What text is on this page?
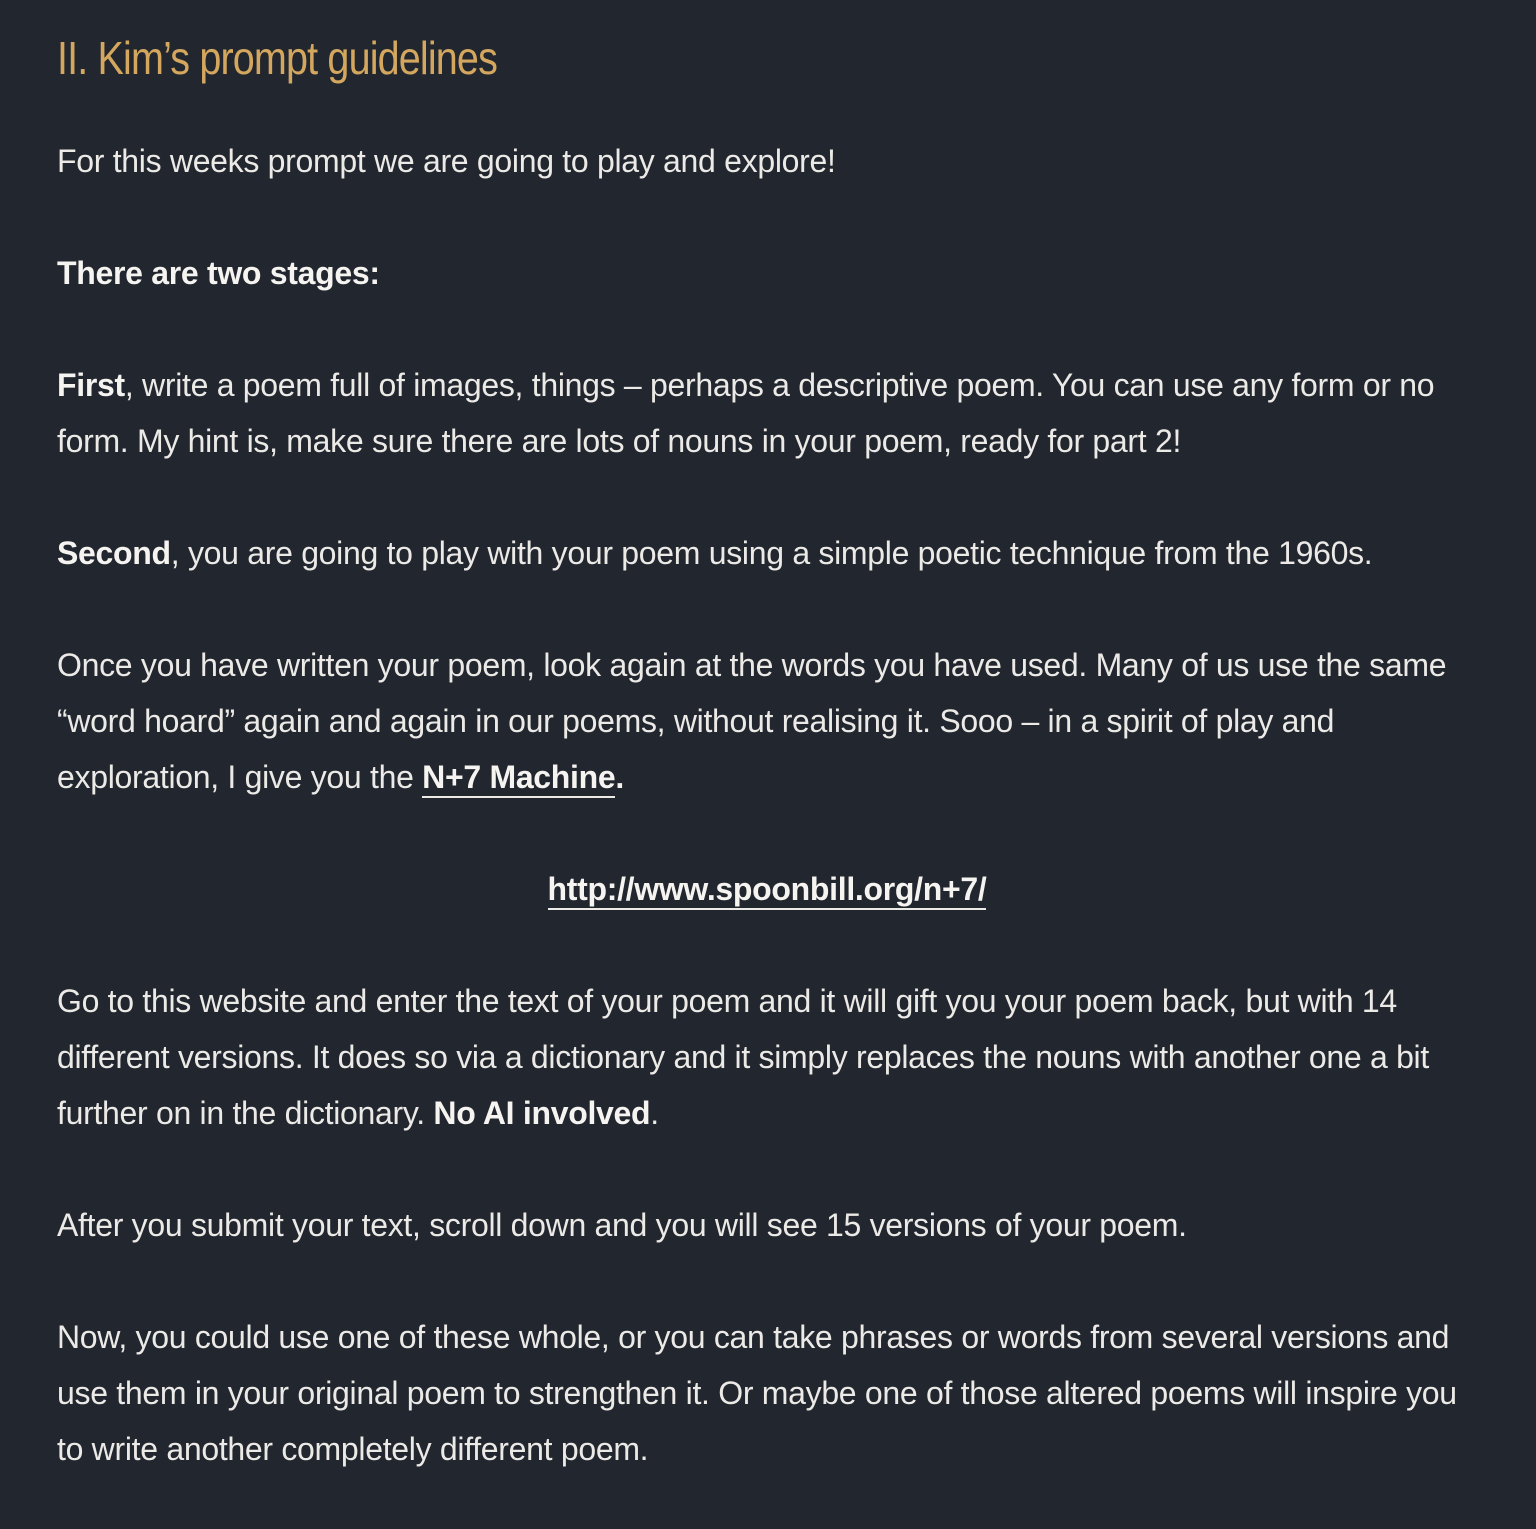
II. Kim’s prompt guidelines

For this weeks prompt we are going to play and explore!

There are two stages:

First, write a poem full of images, things – perhaps a descriptive poem. You can use any form or no form. My hint is, make sure there are lots of nouns in your poem, ready for part 2!

Second, you are going to play with your poem using a simple poetic technique from the 1960s.

Once you have written your poem, look again at the words you have used. Many of us use the same “word hoard” again and again in our poems, without realising it. Sooo – in a spirit of play and exploration, I give you the N+7 Machine.

http://www.spoonbill.org/n+7/

Go to this website and enter the text of your poem and it will gift you your poem back, but with 14 different versions. It does so via a dictionary and it simply replaces the nouns with another one a bit further on in the dictionary. No AI involved.

After you submit your text, scroll down and you will see 15 versions of your poem.

Now, you could use one of these whole, or you can take phrases or words from several versions and use them in your original poem to strengthen it. Or maybe one of those altered poems will inspire you to write another completely different poem.
